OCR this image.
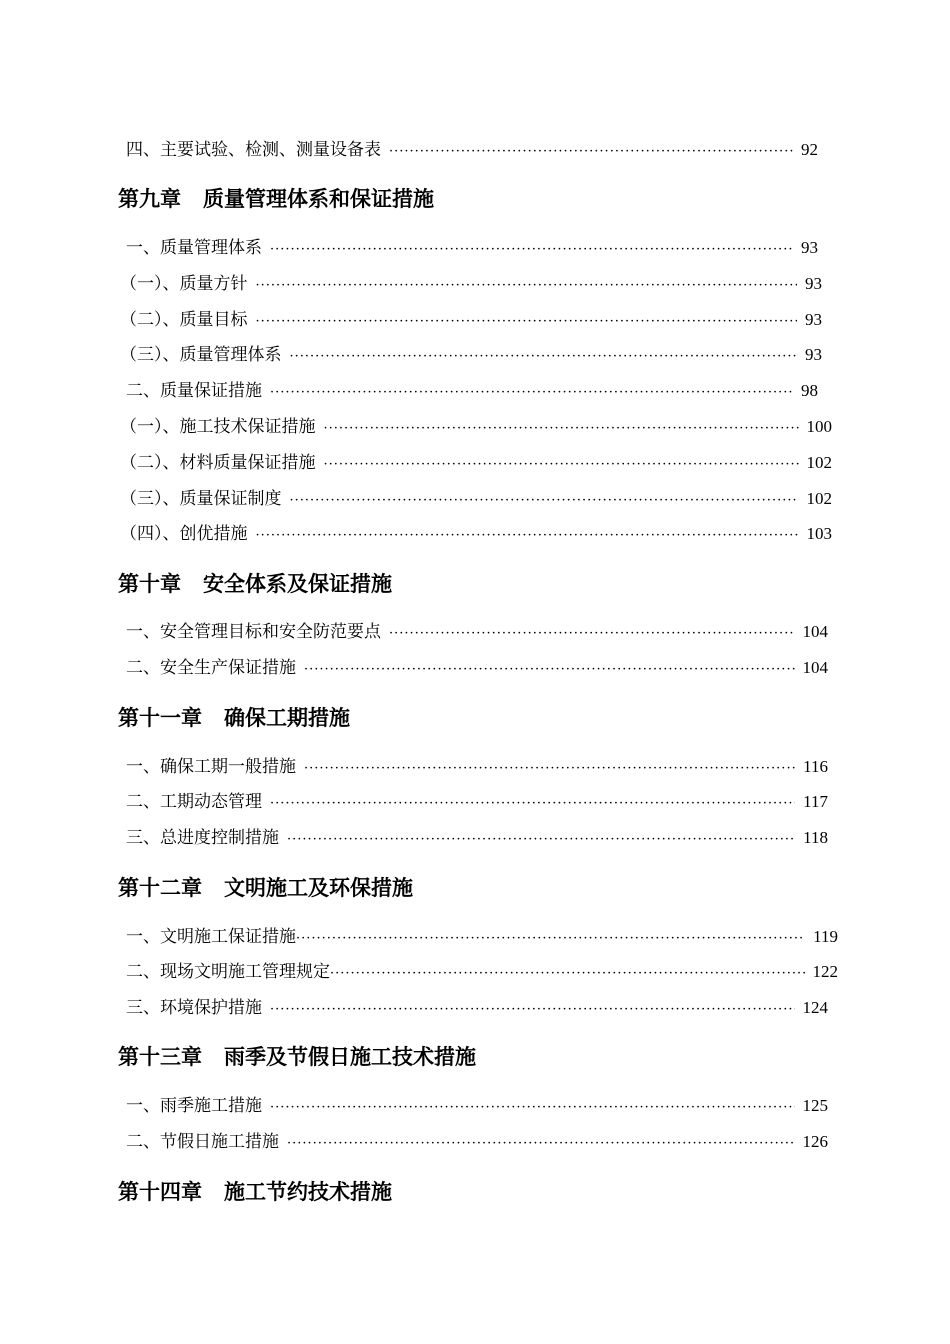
四、主要试验、检测、测量设备表 ·····	92
第九章 质量管理体系和保证措施
一、质量管理体系 ·····	93
（一）、质量方针 ·····	93
（二）、质量目标 ·····	93
（三）、质量管理体系 ·····	93
二、质量保证措施 ·····	98
（一）、施工技术保证措施 ·····	100
（二）、材料质量保证措施 ·····	102
（三）、质量保证制度 ·····	102
（四）、创优措施 ·····	103
第十章 安全体系及保证措施
一、安全管理目标和安全防范要点 ·····	104
二、安全生产保证措施 ·····	104
第十一章 确保工期措施
一、确保工期一般措施 ·····	116
二、工期动态管理 ·····	117
三、总进度控制措施 ·····	118
第十二章 文明施工及环保措施
一、文明施工保证措施 ·····	119
二、现场文明施工管理规定 ·····	122
三、环境保护措施 ·····	124
第十三章 雨季及节假日施工技术措施
一、雨季施工措施 ·····	125
二、节假日施工措施 ·····	126
第十四章 施工节约技术措施
